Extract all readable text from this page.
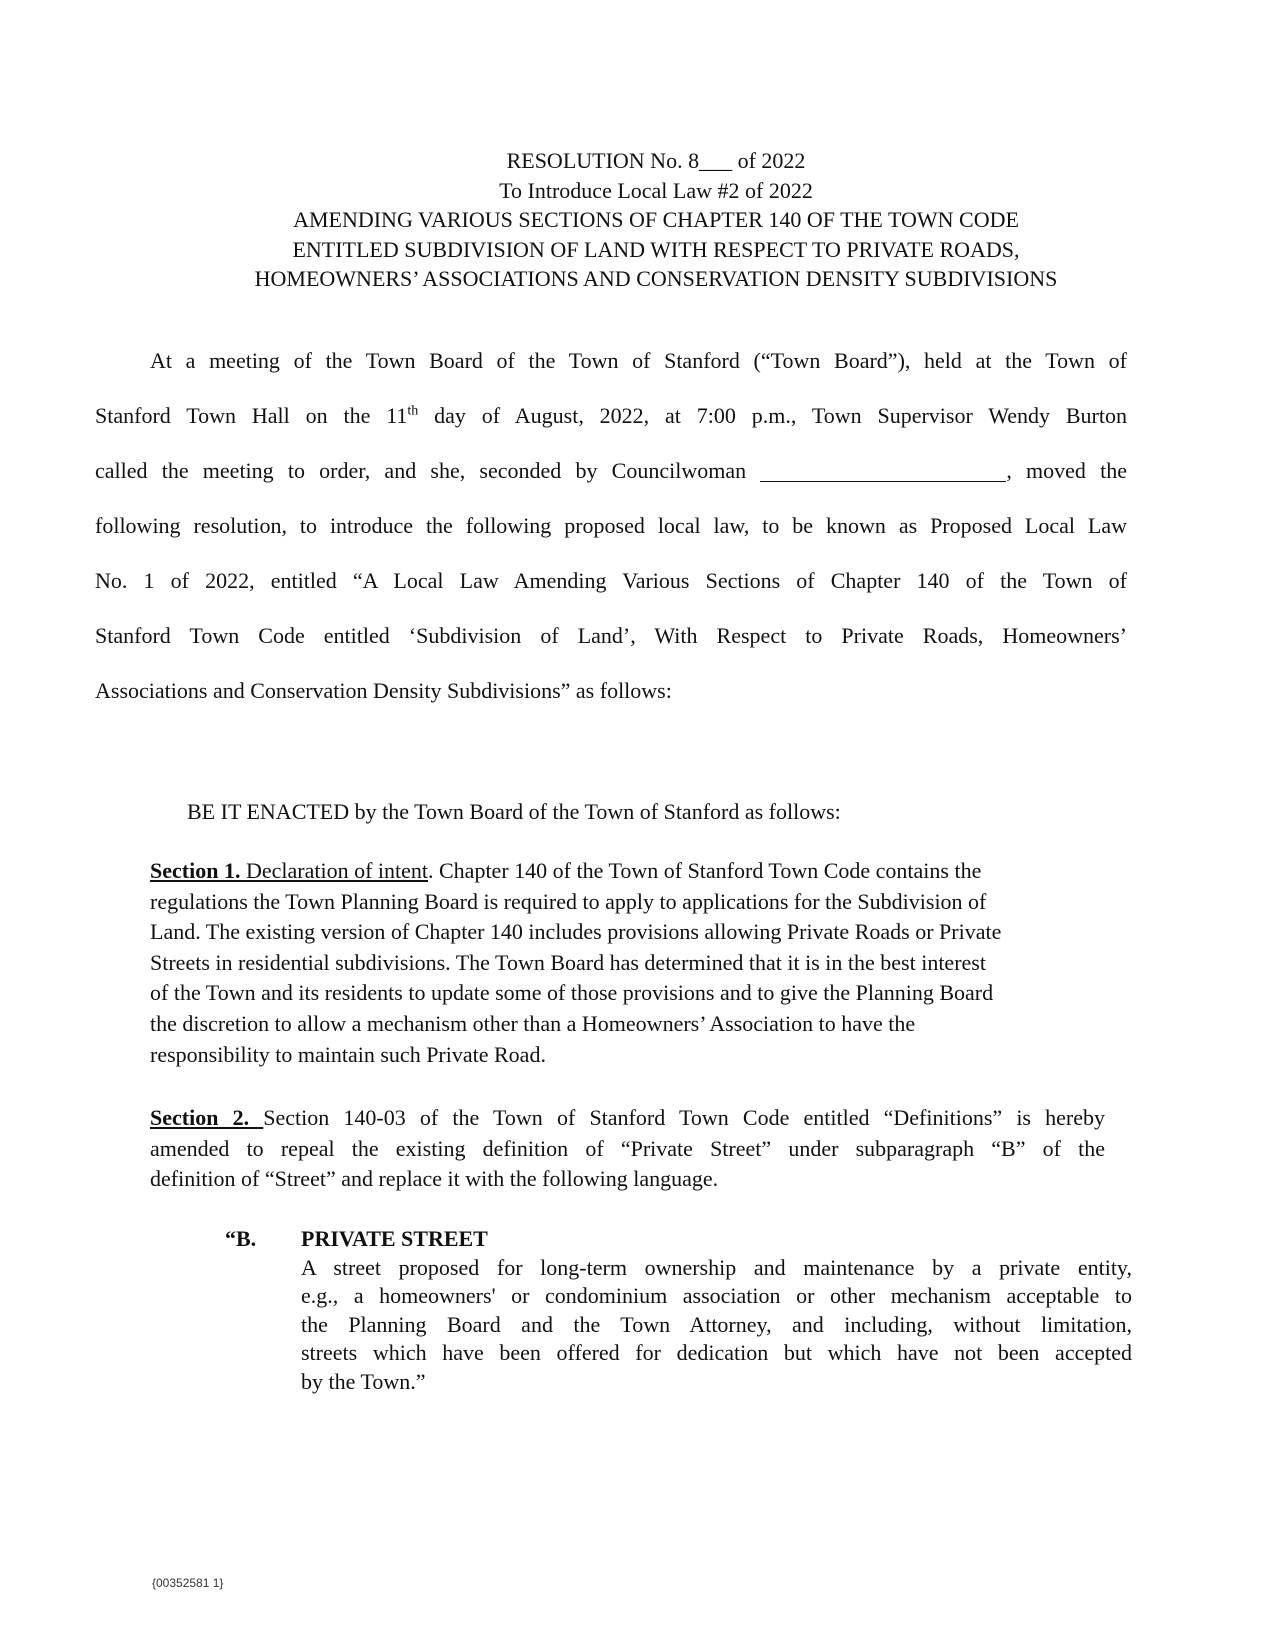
RESOLUTION No. 8___ of 2022
To Introduce Local Law #2 of 2022
AMENDING VARIOUS SECTIONS OF CHAPTER 140 OF THE TOWN CODE
ENTITLED SUBDIVISION OF LAND WITH RESPECT TO PRIVATE ROADS,
HOMEOWNERS’ ASSOCIATIONS AND CONSERVATION DENSITY SUBDIVISIONS
At a meeting of the Town Board of the Town of Stanford (“Town Board”), held at the Town of
Stanford Town Hall on the 11th day of August, 2022, at 7:00 p.m., Town Supervisor Wendy Burton
called the meeting to order, and she, seconded by Councilwoman	, moved the
following resolution, to introduce the following proposed local law, to be known as Proposed Local Law
No. 1 of 2022, entitled “A Local Law Amending Various Sections of Chapter 140 of the Town of
Stanford Town Code entitled ‘Subdivision of Land’, With Respect to Private Roads, Homeowners’
Associations and Conservation Density Subdivisions” as follows:
BE IT ENACTED by the Town Board of the Town of Stanford as follows:
Section 1. Declaration of intent. Chapter 140 of the Town of Stanford Town Code contains the
regulations the Town Planning Board is required to apply to applications for the Subdivision of
Land. The existing version of Chapter 140 includes provisions allowing Private Roads or Private
Streets in residential subdivisions. The Town Board has determined that it is in the best interest
of the Town and its residents to update some of those provisions and to give the Planning Board
the discretion to allow a mechanism other than a Homeowners’ Association to have the
responsibility to maintain such Private Road.
Section 2. Section 140-03 of the Town of Stanford Town Code entitled “Definitions” is hereby
amended to repeal the existing definition of “Private Street” under subparagraph “B” of the
definition of “Street” and replace it with the following language.
“B. PRIVATE STREET
A street proposed for long-term ownership and maintenance by a private entity,
e.g., a homeowners' or condominium association or other mechanism acceptable to
the Planning Board and the Town Attorney, and including, without limitation,
streets which have been offered for dedication but which have not been accepted
by the Town.”
{00352581 1}
